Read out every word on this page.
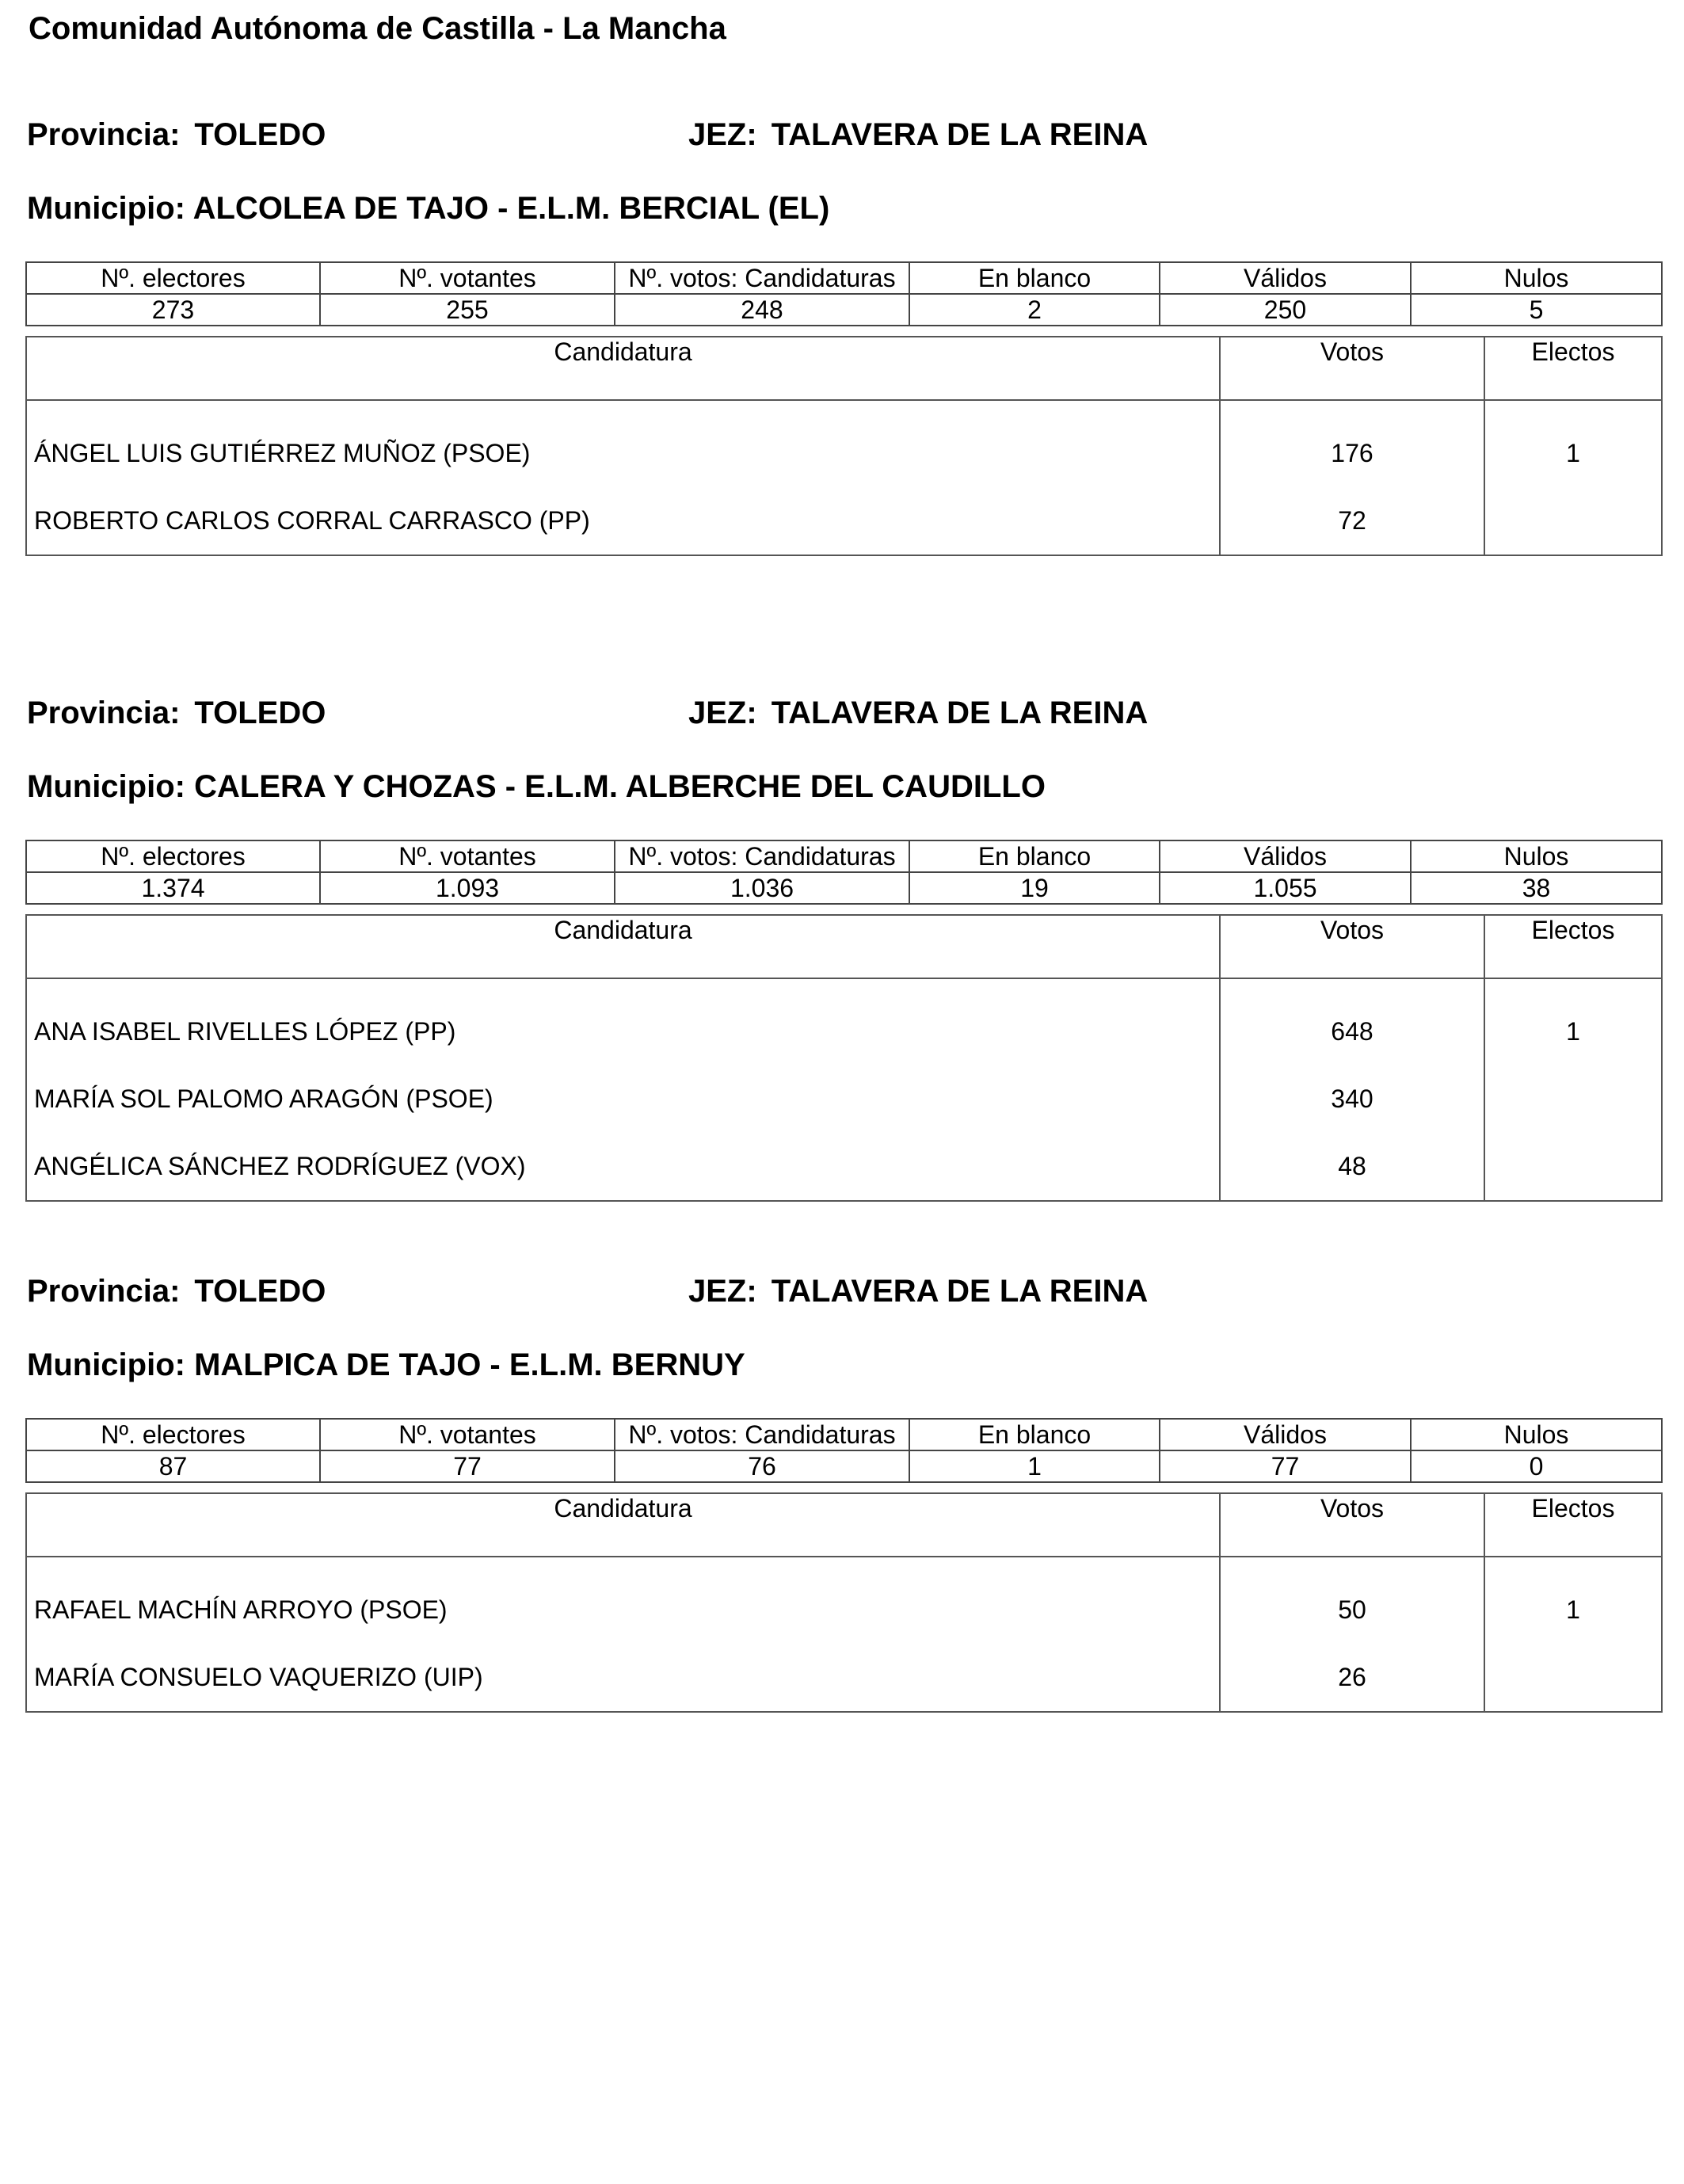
Comunidad Autónoma de Castilla - La Mancha
Provincia: TOLEDO	JEZ: TALAVERA DE LA REINA
Municipio: ALCOLEA DE TAJO - E.L.M. BERCIAL (EL)
Nº. electores	Nº. votantes	Nº. votos: Candidaturas	En blanco	Válidos	Nulos
273	255	248	2	250	5
Candidatura	Votos	Electos
ÁNGEL LUIS GUTIÉRREZ MUÑOZ (PSOE)	176	1
ROBERTO CARLOS CORRAL CARRASCO (PP)	72	
Provincia: TOLEDO	JEZ: TALAVERA DE LA REINA
Municipio: CALERA Y CHOZAS - E.L.M. ALBERCHE DEL CAUDILLO
Nº. electores	Nº. votantes	Nº. votos: Candidaturas	En blanco	Válidos	Nulos
1.374	1.093	1.036	19	1.055	38
Candidatura	Votos	Electos
ANA ISABEL RIVELLES LÓPEZ (PP)	648	1
MARÍA SOL PALOMO ARAGÓN (PSOE)	340	
ANGÉLICA SÁNCHEZ RODRÍGUEZ (VOX)	48	
Provincia: TOLEDO	JEZ: TALAVERA DE LA REINA
Municipio: MALPICA DE TAJO - E.L.M. BERNUY
Nº. electores	Nº. votantes	Nº. votos: Candidaturas	En blanco	Válidos	Nulos
87	77	76	1	77	0
Candidatura	Votos	Electos
RAFAEL MACHÍN ARROYO (PSOE)	50	1
MARÍA CONSUELO VAQUERIZO (UIP)	26	
